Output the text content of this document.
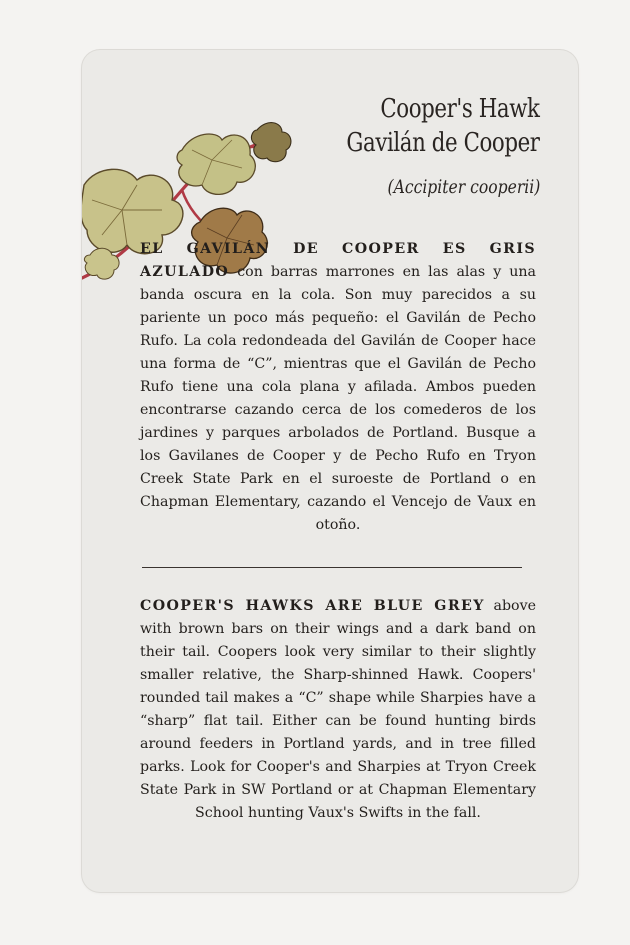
Cooper's Hawk
Gavilán de Cooper
(Accipiter cooperii)
EL GAVILÁN DE COOPER ES GRIS AZULADO con barras marrones en las alas y una banda oscura en la cola. Son muy parecidos a su pariente un poco más pequeño: el Gavilán de Pecho Rufo. La cola redondeada del Gavilán de Cooper hace una forma de “C”, mientras que el Gavilán de Pecho Rufo tiene una cola plana y afilada. Ambos pueden encontrarse cazando cerca de los comederos de los jardines y parques arbolados de Portland. Busque a los Gavilanes de Cooper y de Pecho Rufo en Tryon Creek State Park en el suroeste de Portland o en Chapman Elementary, cazando el Vencejo de Vaux en otoño.
COOPER'S HAWKS ARE BLUE GREY above with brown bars on their wings and a dark band on their tail. Coopers look very similar to their slightly smaller relative, the Sharp-shinned Hawk. Coopers' rounded tail makes a “C” shape while Sharpies have a “sharp” flat tail. Either can be found hunting birds around feeders in Portland yards, and in tree filled parks. Look for Cooper's and Sharpies at Tryon Creek State Park in SW Portland or at Chapman Elementary School hunting Vaux's Swifts in the fall.
